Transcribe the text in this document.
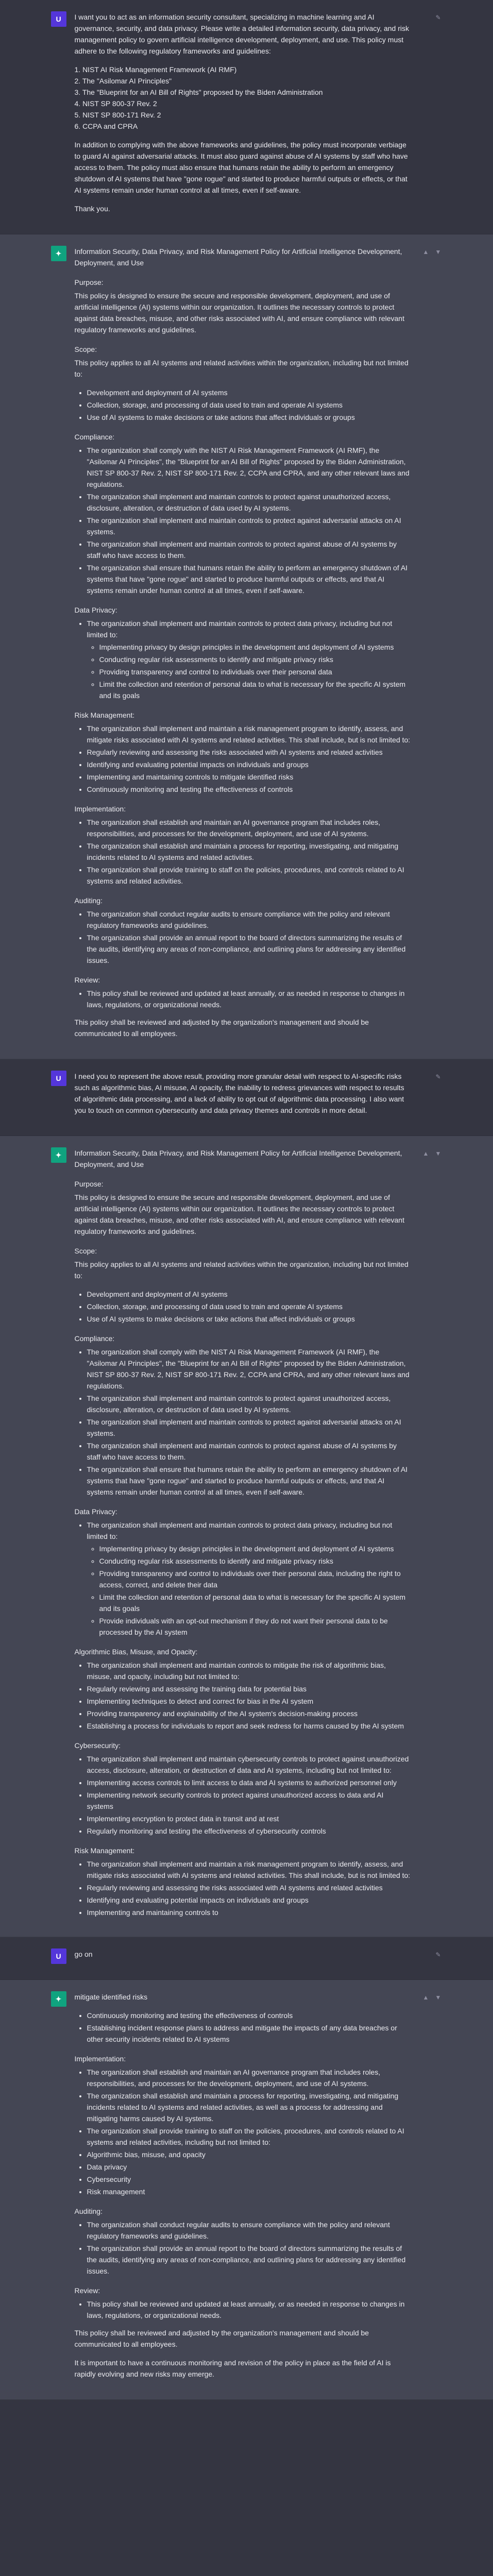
U	I want you to act as an information security consultant, specializing in machine learning and AI governance, security, and data privacy. Please write a detailed information security, data privacy, and risk management policy to govern artificial intelligence development, deployment, and use. This policy must adhere to the following regulatory frameworks and guidelines:

1. NIST AI Risk Management Framework (AI RMF)
2. The "Asilomar AI Principles"
3. The "Blueprint for an AI Bill of Rights" proposed by the Biden Administration
4. NIST SP 800-37 Rev. 2
5. NIST SP 800-171 Rev. 2
6. CCPA and CPRA

In addition to complying with the above frameworks and guidelines, the policy must incorporate verbiage to guard AI against adversarial attacks. It must also guard against abuse of AI systems by staff who have access to them. The policy must also ensure that humans retain the ability to perform an emergency shutdown of AI systems that have "gone rogue" and started to produce harmful outputs or effects, or that AI systems remain under human control at all times, even if self-aware.

Thank you.

✎
✦	Information Security, Data Privacy, and Risk Management Policy for Artificial Intelligence Development, Deployment, and Use

Purpose:

This policy is designed to ensure the secure and responsible development, deployment, and use of artificial intelligence (AI) systems within our organization. It outlines the necessary controls to protect against data breaches, misuse, and other risks associated with AI, and ensure compliance with relevant regulatory frameworks and guidelines.

Scope:

This policy applies to all AI systems and related activities within the organization, including but not limited to:

• Development and deployment of AI systems
• Collection, storage, and processing of data used to train and operate AI systems
• Use of AI systems to make decisions or take actions that affect individuals or groups
Compliance:
• The organization shall comply with the NIST AI Risk Management Framework (AI RMF), the "Asilomar AI Principles", the "Blueprint for an AI Bill of Rights" proposed by the Biden Administration, NIST SP 800-37 Rev. 2, NIST SP 800-171 Rev. 2, CCPA and CPRA, and any other relevant laws and regulations.
• The organization shall implement and maintain controls to protect against unauthorized access, disclosure, alteration, or destruction of data used by AI systems.
• The organization shall implement and maintain controls to protect against adversarial attacks on AI systems.
• The organization shall implement and maintain controls to protect against abuse of AI systems by staff who have access to them.
• The organization shall ensure that humans retain the ability to perform an emergency shutdown of AI systems that have "gone rogue" and started to produce harmful outputs or effects, and that AI systems remain under human control at all times, even if self-aware.
Data Privacy:
• The organization shall implement and maintain controls to protect data privacy, including but not limited to:
◦ Implementing privacy by design principles in the development and deployment of AI systems
◦ Conducting regular risk assessments to identify and mitigate privacy risks
◦ Providing transparency and control to individuals over their personal data
◦ Limit the collection and retention of personal data to what is necessary for the specific AI system and its goals
Risk Management:
• The organization shall implement and maintain a risk management program to identify, assess, and mitigate risks associated with AI systems and related activities. This shall include, but is not limited to:
• Regularly reviewing and assessing the risks associated with AI systems and related activities
• Identifying and evaluating potential impacts on individuals and groups
• Implementing and maintaining controls to mitigate identified risks
• Continuously monitoring and testing the effectiveness of controls
Implementation:
• The organization shall establish and maintain an AI governance program that includes roles, responsibilities, and processes for the development, deployment, and use of AI systems.
• The organization shall establish and maintain a process for reporting, investigating, and mitigating incidents related to AI systems and related activities.
• The organization shall provide training to staff on the policies, procedures, and controls related to AI systems and related activities.
Auditing:
• The organization shall conduct regular audits to ensure compliance with the policy and relevant regulatory frameworks and guidelines.
• The organization shall provide an annual report to the board of directors summarizing the results of the audits, identifying any areas of non-compliance, and outlining plans for addressing any identified issues.
Review:
• This policy shall be reviewed and updated at least annually, or as needed in response to changes in laws, regulations, or organizational needs.

This policy shall be reviewed and adjusted by the organization's management and should be communicated to all employees.

▲ ▼
U	I need you to represent the above result, providing more granular detail with respect to AI-specific risks such as algorithmic bias, AI misuse, AI opacity, the inability to redress grievances with respect to results of algorithmic data processing, and a lack of ability to opt out of algorithmic data processing. I also want you to touch on common cybersecurity and data privacy themes and controls in more detail.

✎
✦	Information Security, Data Privacy, and Risk Management Policy for Artificial Intelligence Development, Deployment, and Use

Purpose:

This policy is designed to ensure the secure and responsible development, deployment, and use of artificial intelligence (AI) systems within our organization. It outlines the necessary controls to protect against data breaches, misuse, and other risks associated with AI, and ensure compliance with relevant regulatory frameworks and guidelines.

Scope:

This policy applies to all AI systems and related activities within the organization, including but not limited to:

• Development and deployment of AI systems
• Collection, storage, and processing of data used to train and operate AI systems
• Use of AI systems to make decisions or take actions that affect individuals or groups
Compliance:
• The organization shall comply with the NIST AI Risk Management Framework (AI RMF), the "Asilomar AI Principles", the "Blueprint for an AI Bill of Rights" proposed by the Biden Administration, NIST SP 800-37 Rev. 2, NIST SP 800-171 Rev. 2, CCPA and CPRA, and any other relevant laws and regulations.
• The organization shall implement and maintain controls to protect against unauthorized access, disclosure, alteration, or destruction of data used by AI systems.
• The organization shall implement and maintain controls to protect against adversarial attacks on AI systems.
• The organization shall implement and maintain controls to protect against abuse of AI systems by staff who have access to them.
• The organization shall ensure that humans retain the ability to perform an emergency shutdown of AI systems that have "gone rogue" and started to produce harmful outputs or effects, and that AI systems remain under human control at all times, even if self-aware.
Data Privacy:
• The organization shall implement and maintain controls to protect data privacy, including but not limited to:
◦ Implementing privacy by design principles in the development and deployment of AI systems
◦ Conducting regular risk assessments to identify and mitigate privacy risks
◦ Providing transparency and control to individuals over their personal data, including the right to access, correct, and delete their data
◦ Limit the collection and retention of personal data to what is necessary for the specific AI system and its goals
◦ Provide individuals with an opt-out mechanism if they do not want their personal data to be processed by the AI system
Algorithmic Bias, Misuse, and Opacity:
• The organization shall implement and maintain controls to mitigate the risk of algorithmic bias, misuse, and opacity, including but not limited to:
• Regularly reviewing and assessing the training data for potential bias
• Implementing techniques to detect and correct for bias in the AI system
• Providing transparency and explainability of the AI system's decision-making process
• Establishing a process for individuals to report and seek redress for harms caused by the AI system
Cybersecurity:
• The organization shall implement and maintain cybersecurity controls to protect against unauthorized access, disclosure, alteration, or destruction of data and AI systems, including but not limited to:
• Implementing access controls to limit access to data and AI systems to authorized personnel only
• Implementing network security controls to protect against unauthorized access to data and AI systems
• Implementing encryption to protect data in transit and at rest
• Regularly monitoring and testing the effectiveness of cybersecurity controls
Risk Management:
• The organization shall implement and maintain a risk management program to identify, assess, and mitigate risks associated with AI systems and related activities. This shall include, but is not limited to:
• Regularly reviewing and assessing the risks associated with AI systems and related activities
• Identifying and evaluating potential impacts on individuals and groups
• Implementing and maintaining controls to
▲ ▼
U	go on	✎
✦	mitigate identified risks

• Continuously monitoring and testing the effectiveness of controls
• Establishing incident response plans to address and mitigate the impacts of any data breaches or other security incidents related to AI systems
Implementation:
• The organization shall establish and maintain an AI governance program that includes roles, responsibilities, and processes for the development, deployment, and use of AI systems.
• The organization shall establish and maintain a process for reporting, investigating, and mitigating incidents related to AI systems and related activities, as well as a process for addressing and mitigating harms caused by AI systems.
• The organization shall provide training to staff on the policies, procedures, and controls related to AI systems and related activities, including but not limited to:
• Algorithmic bias, misuse, and opacity
• Data privacy
• Cybersecurity
• Risk management
Auditing:
• The organization shall conduct regular audits to ensure compliance with the policy and relevant regulatory frameworks and guidelines.
• The organization shall provide an annual report to the board of directors summarizing the results of the audits, identifying any areas of non-compliance, and outlining plans for addressing any identified issues.
Review:
• This policy shall be reviewed and updated at least annually, or as needed in response to changes in laws, regulations, or organizational needs.

This policy shall be reviewed and adjusted by the organization's management and should be communicated to all employees.

It is important to have a continuous monitoring and revision of the policy in place as the field of AI is rapidly evolving and new risks may emerge.

▲ ▼
